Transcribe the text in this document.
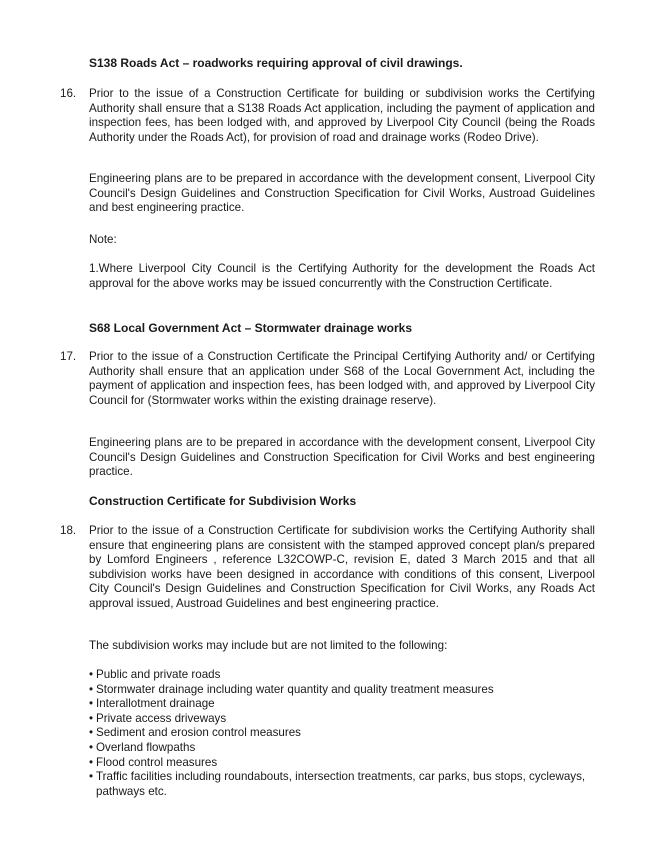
S138 Roads Act – roadworks requiring approval of civil drawings.
16. Prior to the issue of a Construction Certificate for building or subdivision works the Certifying Authority shall ensure that a S138 Roads Act application, including the payment of application and inspection fees, has been lodged with, and approved by Liverpool City Council (being the Roads Authority under the Roads Act), for provision of road and drainage works (Rodeo Drive).

Engineering plans are to be prepared in accordance with the development consent, Liverpool City Council's Design Guidelines and Construction Specification for Civil Works, Austroad Guidelines and best engineering practice.

Note:

1.Where Liverpool City Council is the Certifying Authority for the development the Roads Act approval for the above works may be issued concurrently with the Construction Certificate.

S68 Local Government Act – Stormwater drainage works
17. Prior to the issue of a Construction Certificate the Principal Certifying Authority and/ or Certifying Authority shall ensure that an application under S68 of the Local Government Act, including the payment of application and inspection fees, has been lodged with, and approved by Liverpool City Council for (Stormwater works within the existing drainage reserve).

Engineering plans are to be prepared in accordance with the development consent, Liverpool City Council's Design Guidelines and Construction Specification for Civil Works and best engineering practice.

Construction Certificate for Subdivision Works
18. Prior to the issue of a Construction Certificate for subdivision works the Certifying Authority shall ensure that engineering plans are consistent with the stamped approved concept plan/s prepared by Lomford Engineers , reference L32COWP-C, revision E, dated 3 March 2015 and that all subdivision works have been designed in accordance with conditions of this consent, Liverpool City Council's Design Guidelines and Construction Specification for Civil Works, any Roads Act approval issued, Austroad Guidelines and best engineering practice.

The subdivision works may include but are not limited to the following:

• Public and private roads
• Stormwater drainage including water quantity and quality treatment measures
• Interallotment drainage
• Private access driveways
• Sediment and erosion control measures
• Overland flowpaths
• Flood control measures
• Traffic facilities including roundabouts, intersection treatments, car parks, bus stops, cycleways, pathways etc.
